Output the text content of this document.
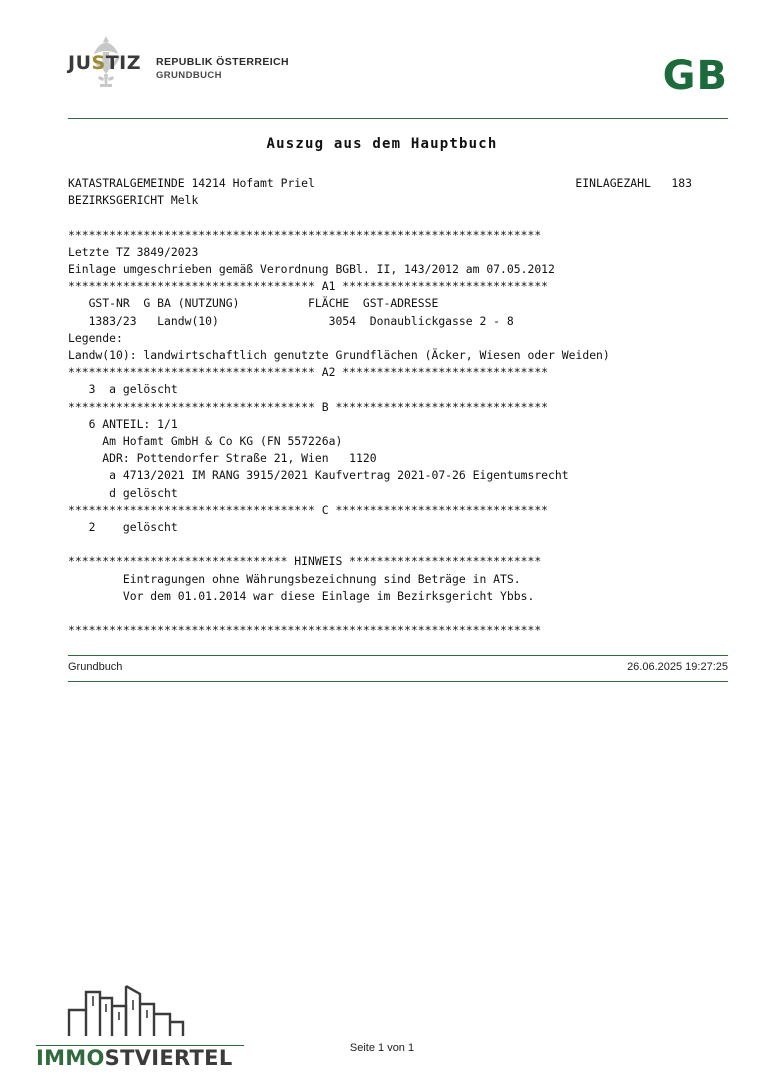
JUSTIZ REPUBLIK ÖSTERREICH
GRUNDBUCH	GB
Auszug aus dem Hauptbuch
KATASTRALGEMEINDE 14214 Hofamt Priel	EINLAGEZAHL   183
BEZIRKSGERICHT Melk
*********************************************************************
Letzte TZ 3849/2023
Einlage umgeschrieben gemäß Verordnung BGBl. II, 143/2012 am 07.05.2012
************************************ A1 ******************************
GST-NR  G BA (NUTZUNG)          FLÄCHE  GST-ADRESSE
1383/23   Landw(10)                3054  Donaublickgasse 2 - 8
Legende:
Landw(10): landwirtschaftlich genutzte Grundflächen (Äcker, Wiesen oder Weiden)
************************************ A2 ******************************
3  a gelöscht
************************************ B *******************************
6 ANTEIL: 1/1
Am Hofamt GmbH & Co KG (FN 557226a)
ADR: Pottendorfer Straße 21, Wien   1120
a 4713/2021 IM RANG 3915/2021 Kaufvertrag 2021-07-26 Eigentumsrecht
d gelöscht
************************************ C *******************************
2    gelöscht
******************************** HINWEIS ****************************
Eintragungen ohne Währungsbezeichnung sind Beträge in ATS.
Vor dem 01.01.2014 war diese Einlage im Bezirksgericht Ybbs.
*********************************************************************
Grundbuch	26.06.2025 19:27:25
Seite 1 von 1
IMMOSTVIERTEL
